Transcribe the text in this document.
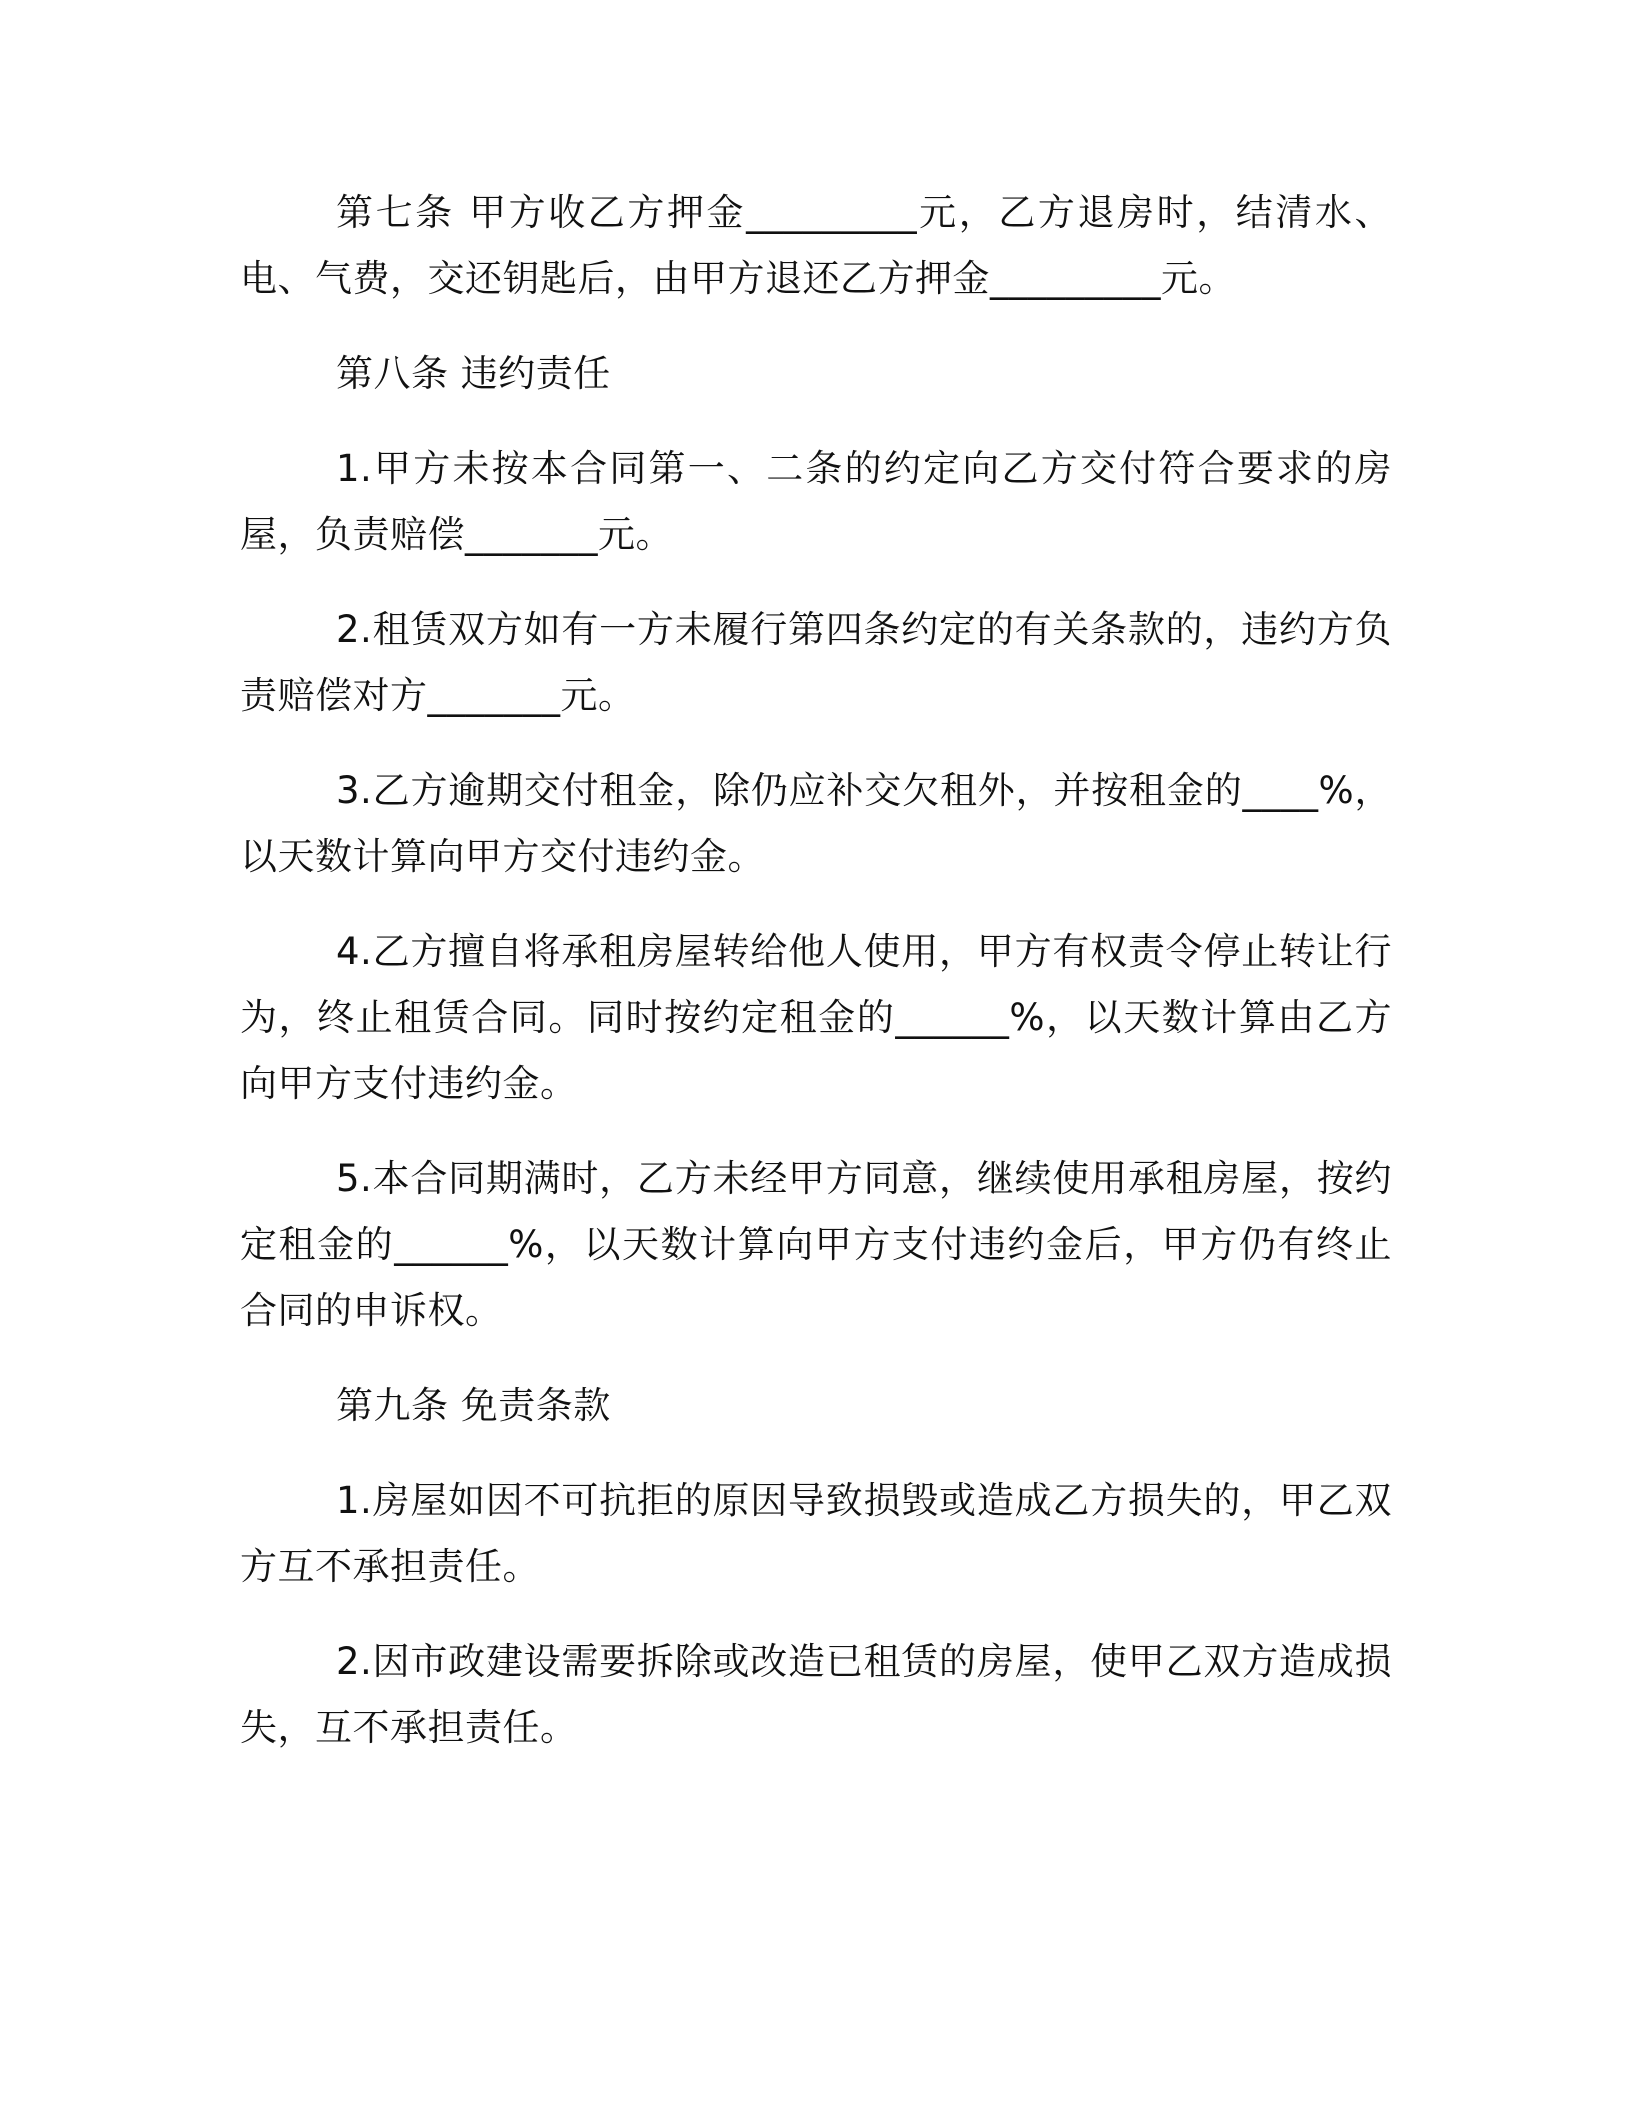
第七条 甲方收乙方押金_________元，乙方退房时，结清水、电、气费，交还钥匙后，由甲方退还乙方押金_________元。

第八条 违约责任

1.甲方未按本合同第一、二条的约定向乙方交付符合要求的房屋，负责赔偿_______元。

2.租赁双方如有一方未履行第四条约定的有关条款的，违约方负责赔偿对方_______元。

3.乙方逾期交付租金，除仍应补交欠租外，并按租金的____%，以天数计算向甲方交付违约金。

4.乙方擅自将承租房屋转给他人使用，甲方有权责令停止转让行为，终止租赁合同。同时按约定租金的______%，以天数计算由乙方向甲方支付违约金。

5.本合同期满时，乙方未经甲方同意，继续使用承租房屋，按约定租金的______%，以天数计算向甲方支付违约金后，甲方仍有终止合同的申诉权。

第九条 免责条款

1.房屋如因不可抗拒的原因导致损毁或造成乙方损失的，甲乙双方互不承担责任。

2.因市政建设需要拆除或改造已租赁的房屋，使甲乙双方造成损失，互不承担责任。
